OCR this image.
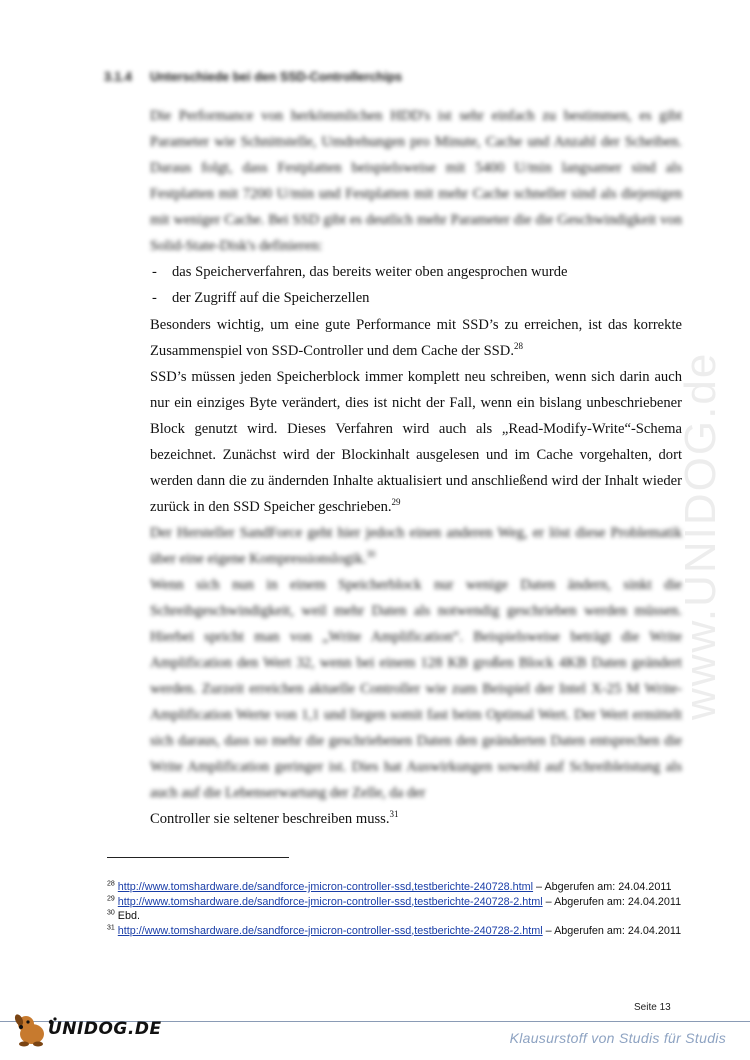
www.UNIDOG.de
3.1.4 Unterschiede bei den SSD-Controllerchips

Die Performance von herkömmlichen HDD's ist sehr einfach zu bestimmen, es gibt Parameter wie Schnittstelle, Umdrehungen pro Minute, Cache und Anzahl der Scheiben. Daraus folgt, dass Festplatten beispielsweise mit 5400 U/min langsamer sind als Festplatten mit 7200 U/min und Festplatten mit mehr Cache schneller sind als diejenigen mit weniger Cache. Bei SSD gibt es deutlich mehr Parameter die die Geschwindigkeit von Solid-State-Disk's definieren:

- das Speicherverfahren, das bereits weiter oben angesprochen wurde
- der Zugriff auf die Speicherzellen

Besonders wichtig, um eine gute Performance mit SSD’s zu erreichen, ist das korrekte Zusammenspiel von SSD-Controller und dem Cache der SSD.$^{28}$

SSD’s müssen jeden Speicherblock immer komplett neu schreiben, wenn sich darin auch nur ein einziges Byte verändert, dies ist nicht der Fall, wenn ein bislang unbeschriebener Block genutzt wird. Dieses Verfahren wird auch als „Read-Modify-Write“-Schema bezeichnet. Zunächst wird der Blockinhalt ausgelesen und im Cache vorgehalten, dort werden dann die zu ändernden Inhalte aktualisiert und anschließend wird der Inhalt wieder zurück in den SSD Speicher geschrieben.$^{29}$

Der Hersteller SandForce geht hier jedoch einen anderen Weg, er löst diese Problematik über eine eigene Kompressionslogik.$^{30}$

Wenn sich nun in einem Speicherblock nur wenige Daten ändern, sinkt die Schreibgeschwindigkeit, weil mehr Daten als notwendig geschrieben werden müssen. Hierbei spricht man von „Write Amplification“. Beispielsweise beträgt die Write Amplification den Wert 32, wenn bei einem 128 KB großen Block 4KB Daten geändert werden. Zurzeit erreichen aktuelle Controller wie zum Beispiel der Intel X-25 M Write-Amplification Werte von 1,1 und liegen somit fast beim Optimal Wert. Der Wert ermittelt sich daraus, dass so mehr die geschriebenen Daten den geänderten Daten entsprechen die Write Amplification geringer ist. Dies hat Auswirkungen sowohl auf Schreibleistung als auch auf die Lebenserwartung der Zelle, da der

Controller sie seltener beschreiben muss.$^{31}$

$^{28}$ http://www.tomshardware.de/sandforce-jmicron-controller-ssd,testberichte-240728.html – Abgerufen am: 24.04.2011

$^{29}$ http://www.tomshardware.de/sandforce-jmicron-controller-ssd,testberichte-240728-2.html – Abgerufen am: 24.04.2011

$^{30}$ Ebd.

$^{31}$ http://www.tomshardware.de/sandforce-jmicron-controller-ssd,testberichte-240728-2.html – Abgerufen am: 24.04.2011

Seite 13
UNIDOG.DE	Klausurstoff von Studis für Studis
